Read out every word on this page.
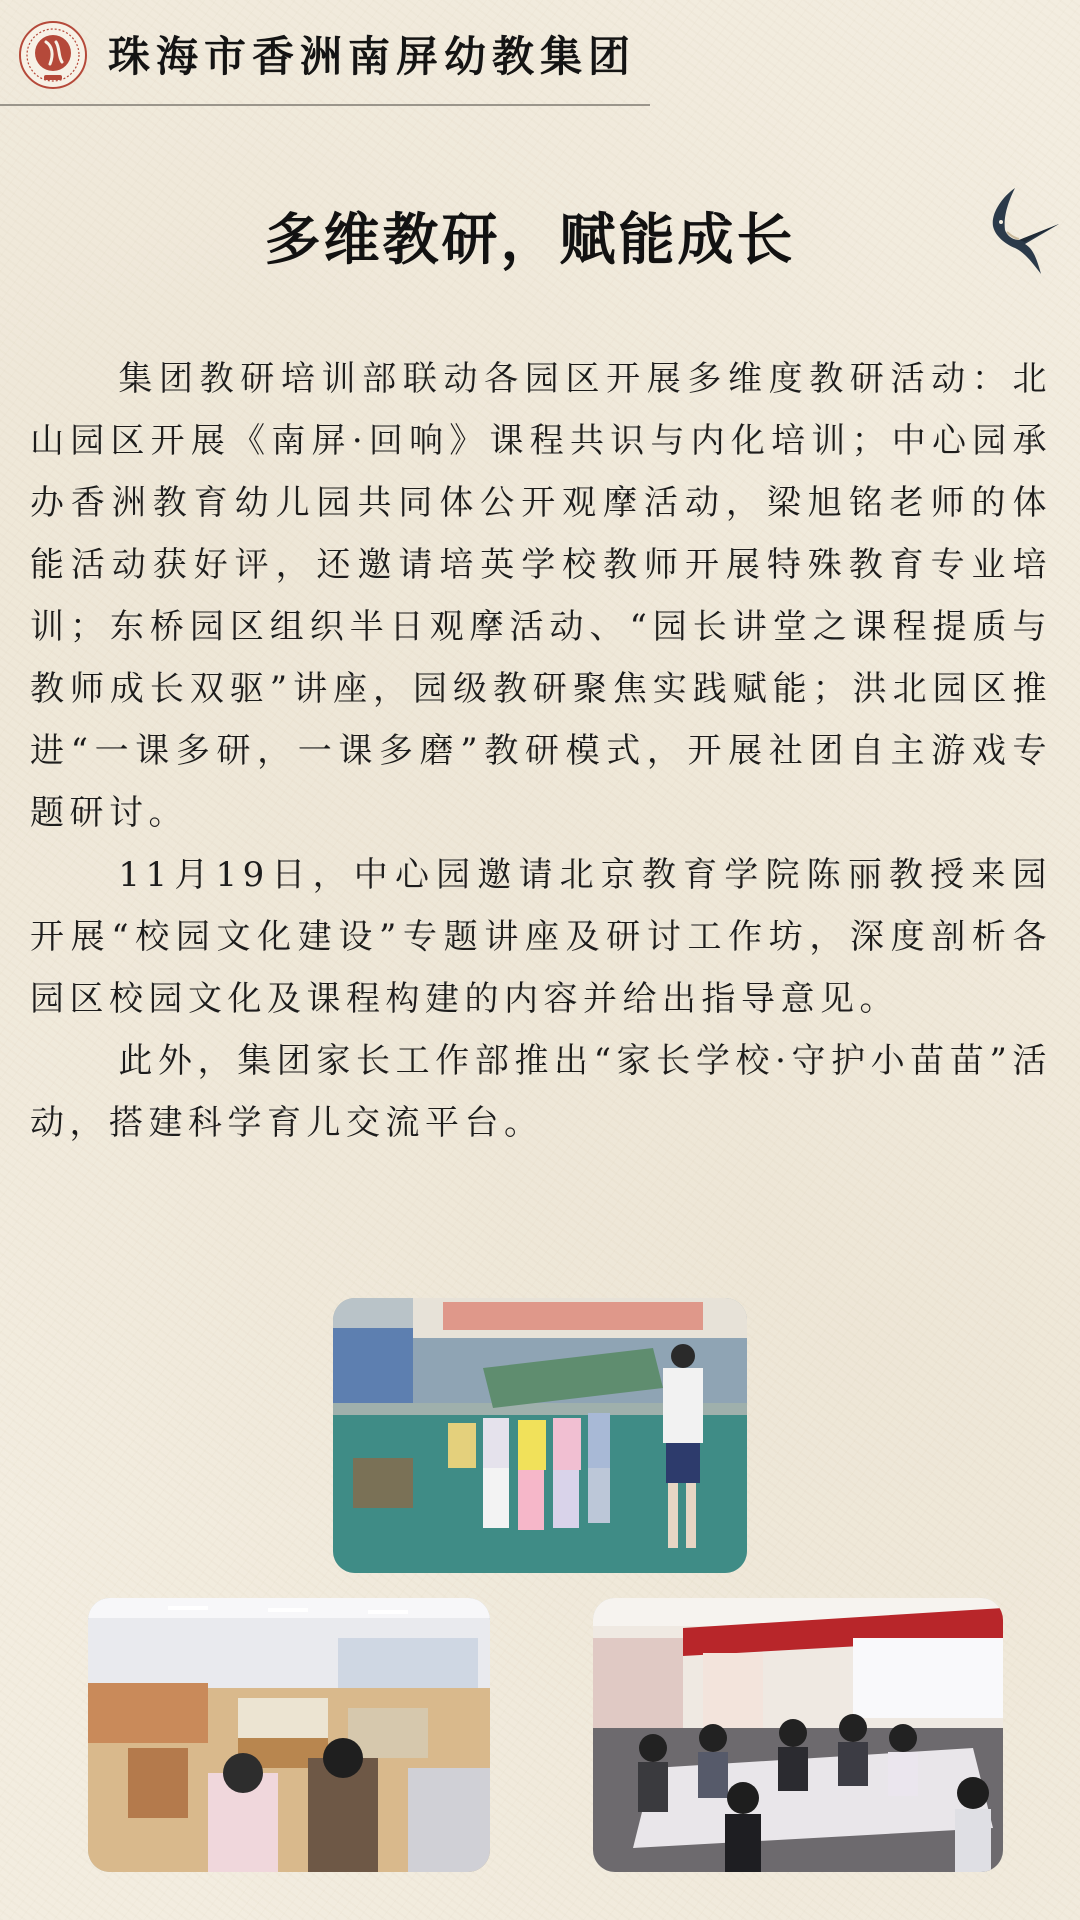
珠海市香洲南屏幼教集团
多维教研，赋能成长

集团教研培训部联动各园区开展多维度教研活动：北山园区开展《南屏·回响》课程共识与内化培训；中心园承办香洲教育幼儿园共同体公开观摩活动，梁旭铭老师的体能活动获好评，还邀请培英学校教师开展特殊教育专业培训；东桥园区组织半日观摩活动、“园长讲堂之课程提质与教师成长双驱”讲座，园级教研聚焦实践赋能；洪北园区推进“一课多研，一课多磨”教研模式，开展社团自主游戏专题研讨。

11月19日，中心园邀请北京教育学院陈丽教授来园开展“校园文化建设”专题讲座及研讨工作坊，深度剖析各园区校园文化及课程构建的内容并给出指导意见。

此外，集团家长工作部推出“家长学校·守护小苗苗”活动，搭建科学育儿交流平台。
